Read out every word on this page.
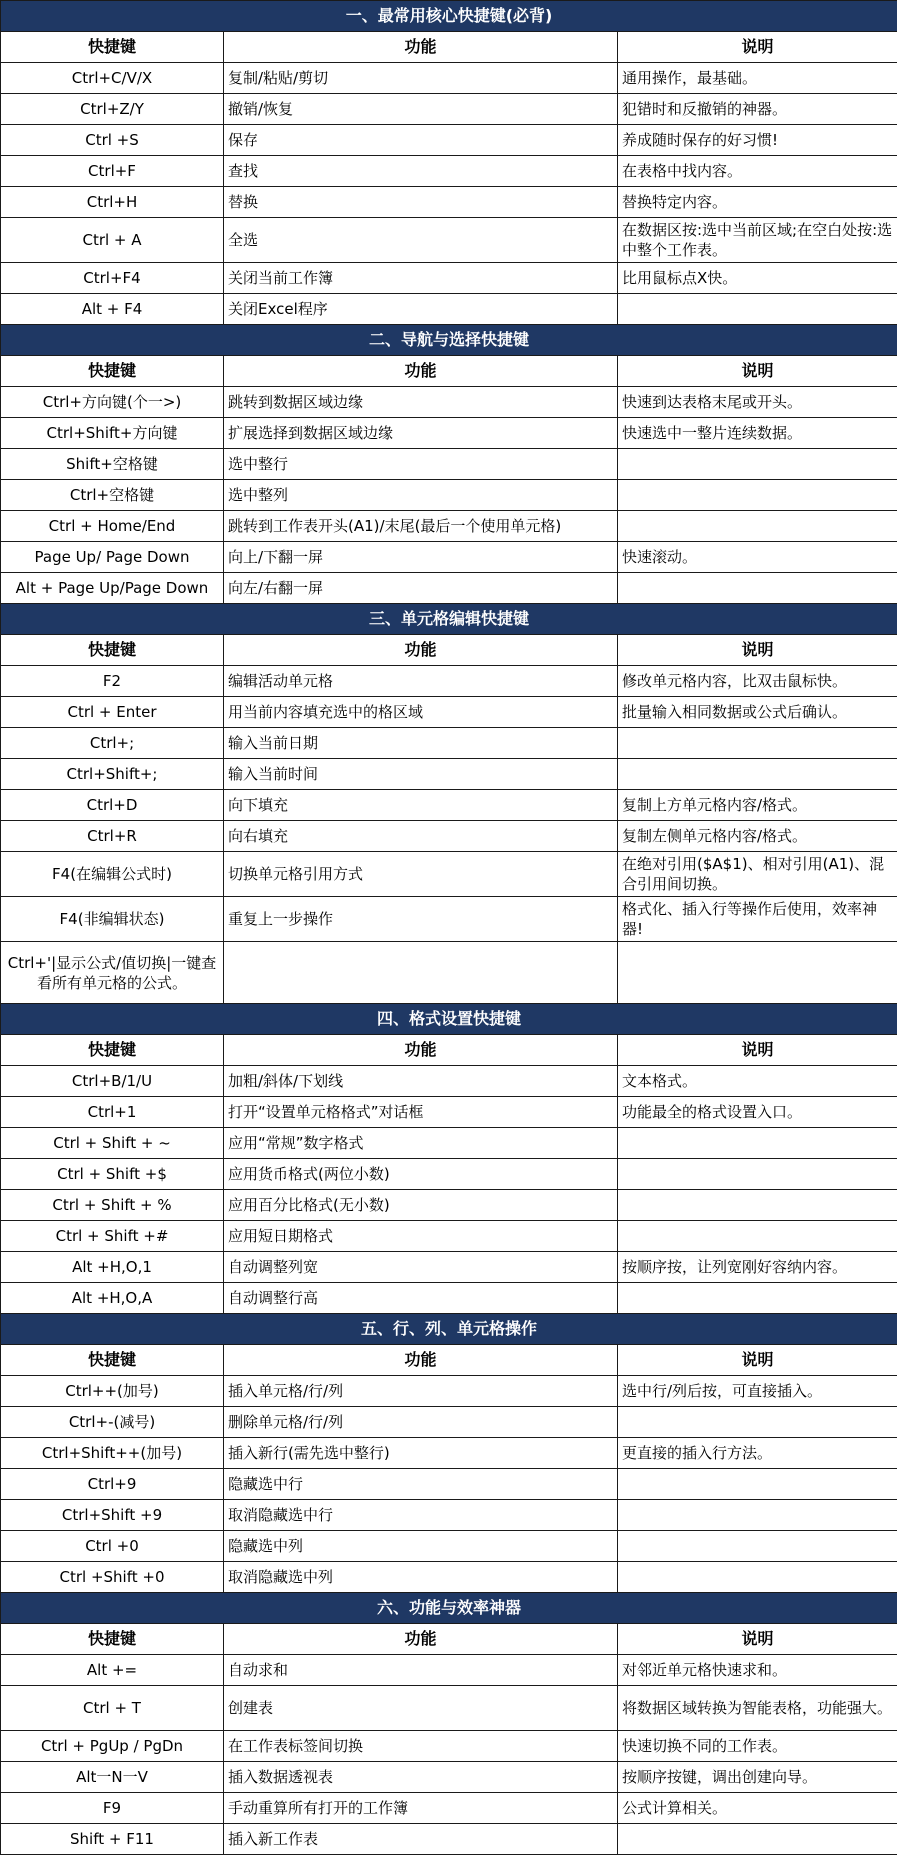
一、最常用核心快捷键(必背)		
快捷键	功能	说明
Ctrl+C/V/X	复制/粘贴/剪切	通用操作，最基础。
Ctrl+Z/Y	撤销/恢复	犯错时和反撤销的神器。
Ctrl +S	保存	养成随时保存的好习惯!
Ctrl+F	查找	在表格中找内容。
Ctrl+H	替换	替换特定内容。
Ctrl + A	全选	在数据区按:选中当前区域;在空白处按:选中整个工作表。
Ctrl+F4	关闭当前工作簿	比用鼠标点X快。
Alt + F4	关闭Excel程序	
二、导航与选择快捷键		
快捷键	功能	说明
Ctrl+方向键(个一>)	跳转到数据区域边缘	快速到达表格末尾或开头。
Ctrl+Shift+方向键	扩展选择到数据区域边缘	快速选中一整片连续数据。
Shift+空格键	选中整行	
Ctrl+空格键	选中整列	
Ctrl + Home/End	跳转到工作表开头(A1)/末尾(最后一个使用单元格)	
Page Up/ Page Down	向上/下翻一屏	快速滚动。
Alt + Page Up/Page Down	向左/右翻一屏	
三、单元格编辑快捷键		
快捷键	功能	说明
F2	编辑活动单元格	修改单元格内容，比双击鼠标快。
Ctrl + Enter	用当前内容填充选中的格区域	批量输入相同数据或公式后确认。
Ctrl+;	输入当前日期	
Ctrl+Shift+;	输入当前时间	
Ctrl+D	向下填充	复制上方单元格内容/格式。
Ctrl+R	向右填充	复制左侧单元格内容/格式。
F4(在编辑公式时)	切换单元格引用方式	在绝对引用($A$1)、相对引用(A1)、混合引用间切换。
F4(非编辑状态)	重复上一步操作	格式化、插入行等操作后使用，效率神器!
Ctrl+'|显示公式/值切换|一键查看所有单元格的公式。		
四、格式设置快捷键		
快捷键	功能	说明
Ctrl+B/1/U	加粗/斜体/下划线	文本格式。
Ctrl+1	打开“设置单元格格式”对话框	功能最全的格式设置入口。
Ctrl + Shift + ~	应用“常规”数字格式	
Ctrl + Shift +$	应用货币格式(两位小数)	
Ctrl + Shift + %	应用百分比格式(无小数)	
Ctrl + Shift +#	应用短日期格式	
Alt +H,O,1	自动调整列宽	按顺序按，让列宽刚好容纳内容。
Alt +H,O,A	自动调整行高	
五、行、列、单元格操作		
快捷键	功能	说明
Ctrl++(加号)	插入单元格/行/列	选中行/列后按，可直接插入。
Ctrl+-(减号)	删除单元格/行/列	
Ctrl+Shift++(加号)	插入新行(需先选中整行)	更直接的插入行方法。
Ctrl+9	隐藏选中行	
Ctrl+Shift +9	取消隐藏选中行	
Ctrl +0	隐藏选中列	
Ctrl +Shift +0	取消隐藏选中列	
六、功能与效率神器		
快捷键	功能	说明
Alt +=	自动求和	对邻近单元格快速求和。
Ctrl + T	创建表	将数据区域转换为智能表格，功能强大。
Ctrl + PgUp / PgDn	在工作表标签间切换	快速切换不同的工作表。
Alt一N一V	插入数据透视表	按顺序按键，调出创建向导。
F9	手动重算所有打开的工作簿	公式计算相关。
Shift + F11	插入新工作表	
